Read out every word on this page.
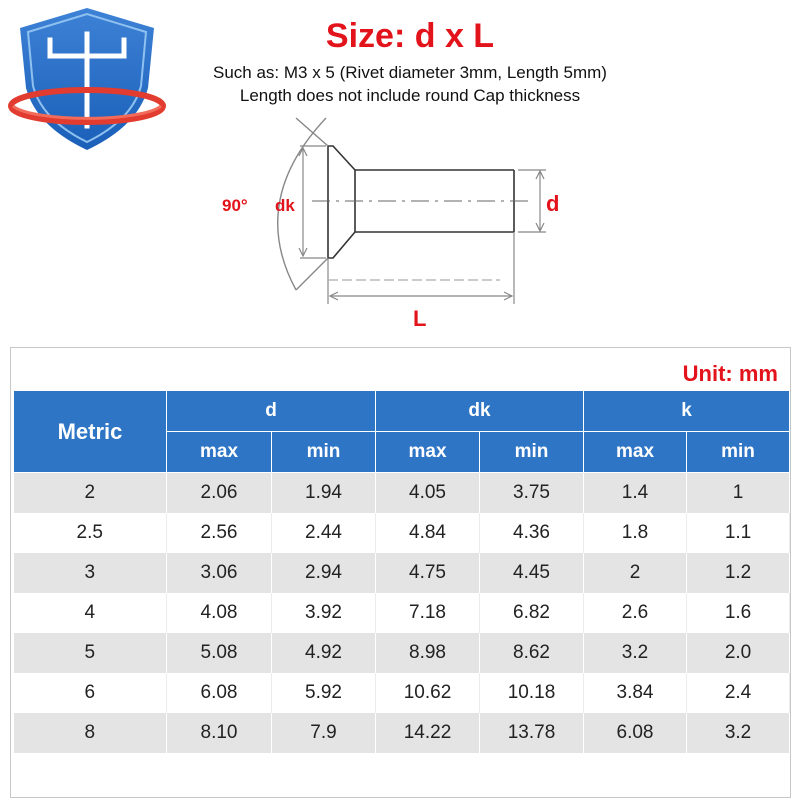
Size: d x L
Such as: M3 x 5 (Rivet diameter 3mm, Length 5mm)
Length does not include round Cap thickness
90° dk	d
L
Unit: mm
Metric	d		dk		k	
	max	min	max	min	max	min
2	2.06	1.94	4.05	3.75	1.4	1
2.5	2.56	2.44	4.84	4.36	1.8	1.1
3	3.06	2.94	4.75	4.45	2	1.2
4	4.08	3.92	7.18	6.82	2.6	1.6
5	5.08	4.92	8.98	8.62	3.2	2.0
6	6.08	5.92	10.62	10.18	3.84	2.4
8	8.10	7.9	14.22	13.78	6.08	3.2
